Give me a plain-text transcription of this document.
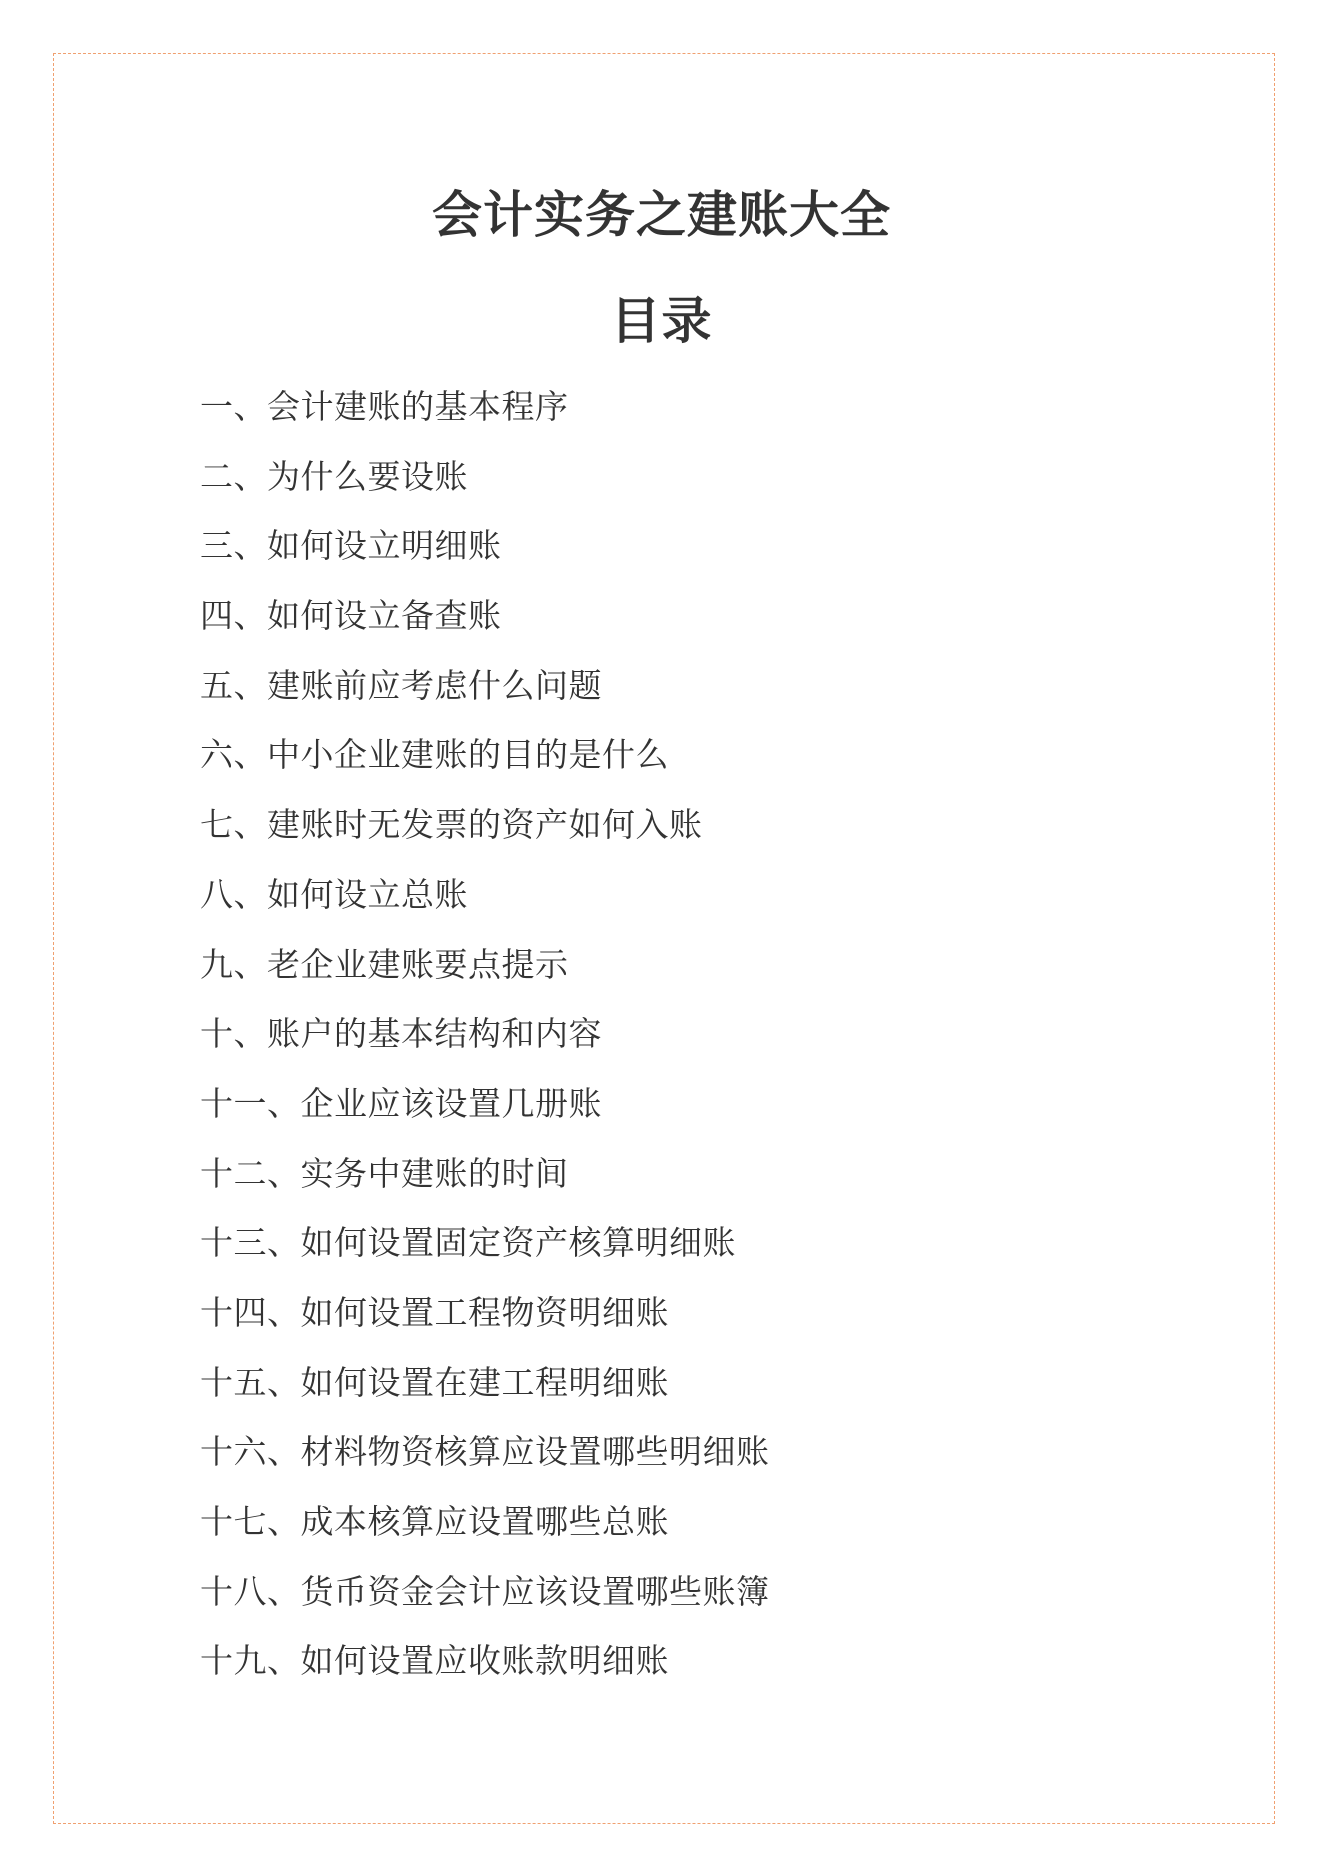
会计实务之建账大全
目录
一、会计建账的基本程序
二、为什么要设账
三、如何设立明细账
四、如何设立备查账
五、建账前应考虑什么问题
六、中小企业建账的目的是什么
七、建账时无发票的资产如何入账
八、如何设立总账
九、老企业建账要点提示
十、账户的基本结构和内容
十一、企业应该设置几册账
十二、实务中建账的时间
十三、如何设置固定资产核算明细账
十四、如何设置工程物资明细账
十五、如何设置在建工程明细账
十六、材料物资核算应设置哪些明细账
十七、成本核算应设置哪些总账
十八、货币资金会计应该设置哪些账簿
十九、如何设置应收账款明细账
